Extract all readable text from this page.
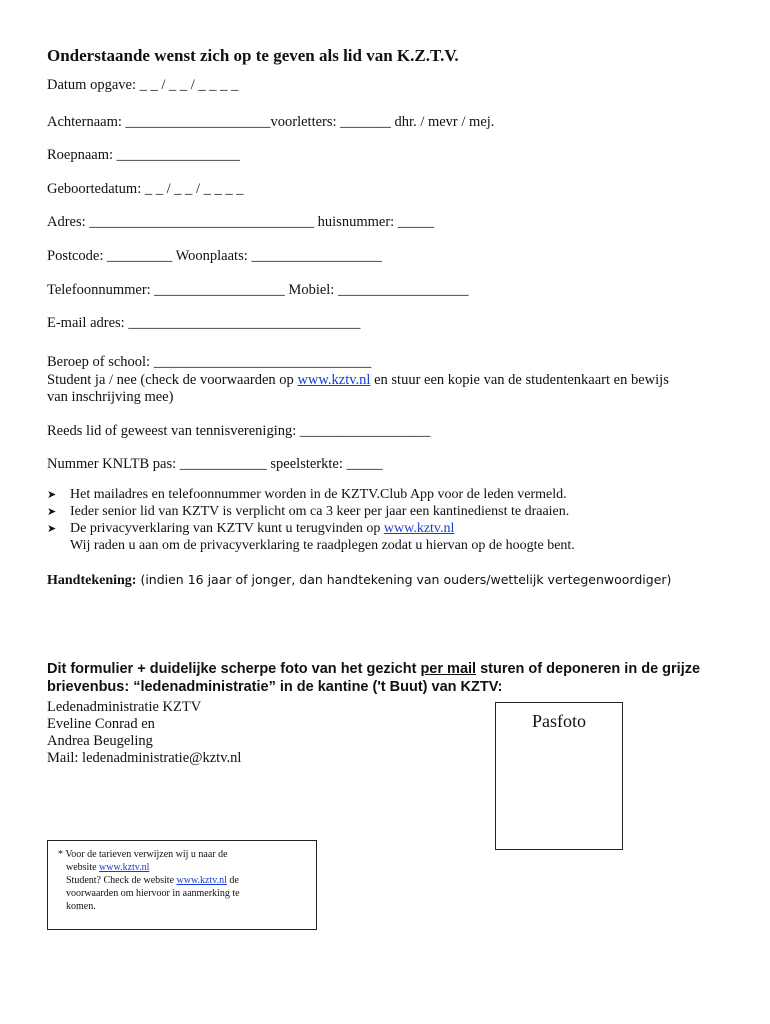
Onderstaande wenst zich op te geven als lid van K.Z.T.V.
Datum opgave: _ _ / _ _ / _ _ _ _
Achternaam: ____________________voorletters: _______ dhr. / mevr / mej.
Roepnaam: _________________
Geboortedatum: _ _ / _ _ / _ _ _ _
Adres: _______________________________ huisnummer: _____
Postcode: _________ Woonplaats: __________________
Telefoonnummer: __________________ Mobiel: __________________
E-mail adres: ________________________________
Beroep of school: ______________________________
Student ja / nee (check de voorwaarden op www.kztv.nl en stuur een kopie van de studentenkaart en bewijs
van inschrijving mee)
Reeds lid of geweest van tennisvereniging: __________________
Nummer KNLTB pas: ____________ speelsterkte: _____
➤ Het mailadres en telefoonnummer worden in de KZTV.Club App voor de leden vermeld.
➤ Ieder senior lid van KZTV is verplicht om ca 3 keer per jaar een kantinedienst te draaien.
➤ De privacyverklaring van KZTV kunt u terugvinden op www.kztv.nl
Wij raden u aan om de privacyverklaring te raadplegen zodat u hiervan op de hoogte bent.
Handtekening: (indien 16 jaar of jonger, dan handtekening van ouders/wettelijk vertegenwoordiger)
Dit formulier + duidelijke scherpe foto van het gezicht per mail sturen of deponeren in de grijze brievenbus: “ledenadministratie” in de kantine ('t Buut) van KZTV:
Ledenadministratie KZTV
Eveline Conrad en
Andrea Beugeling
Mail: ledenadministratie@kztv.nl
Pasfoto
* Voor de tarieven verwijzen wij u naar de
website www.kztv.nl
Student? Check de website www.kztv.nl de
voorwaarden om hiervoor in aanmerking te
komen.
